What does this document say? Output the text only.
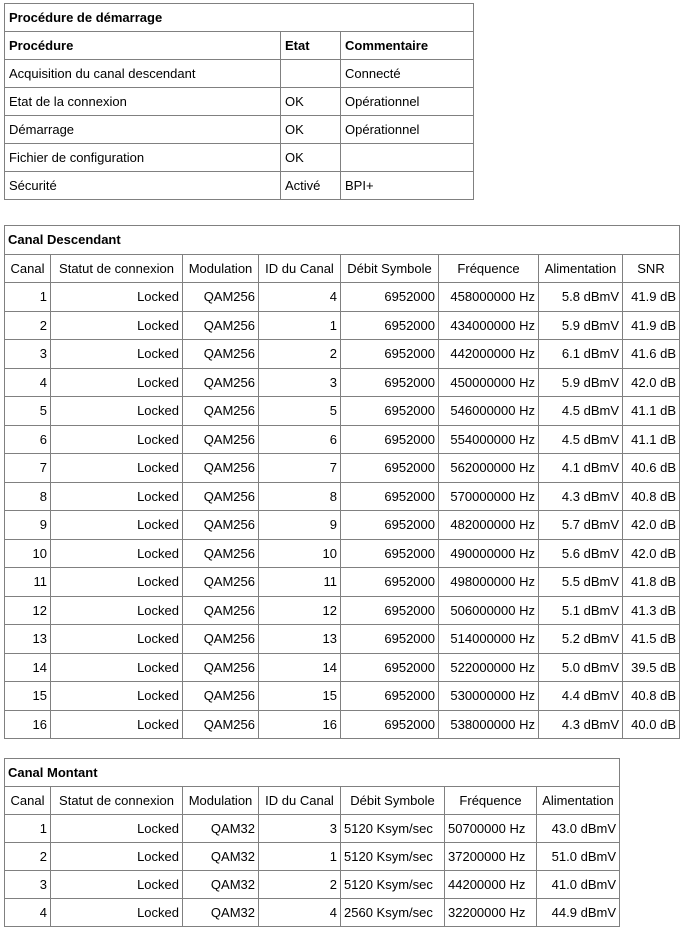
Procédure de démarrage		
Procédure	Etat	Commentaire
Acquisition du canal descendant		Connecté
Etat de la connexion	OK	Opérationnel
Démarrage	OK	Opérationnel
Fichier de configuration	OK	
Sécurité	Activé	BPI+
Canal Descendant							
Canal	Statut de connexion	Modulation	ID du Canal	Débit Symbole	Fréquence	Alimentation	SNR
1	Locked	QAM256	4	6952000	458000000 Hz	5.8 dBmV	41.9 dB
2	Locked	QAM256	1	6952000	434000000 Hz	5.9 dBmV	41.9 dB
3	Locked	QAM256	2	6952000	442000000 Hz	6.1 dBmV	41.6 dB
4	Locked	QAM256	3	6952000	450000000 Hz	5.9 dBmV	42.0 dB
5	Locked	QAM256	5	6952000	546000000 Hz	4.5 dBmV	41.1 dB
6	Locked	QAM256	6	6952000	554000000 Hz	4.5 dBmV	41.1 dB
7	Locked	QAM256	7	6952000	562000000 Hz	4.1 dBmV	40.6 dB
8	Locked	QAM256	8	6952000	570000000 Hz	4.3 dBmV	40.8 dB
9	Locked	QAM256	9	6952000	482000000 Hz	5.7 dBmV	42.0 dB
10	Locked	QAM256	10	6952000	490000000 Hz	5.6 dBmV	42.0 dB
11	Locked	QAM256	11	6952000	498000000 Hz	5.5 dBmV	41.8 dB
12	Locked	QAM256	12	6952000	506000000 Hz	5.1 dBmV	41.3 dB
13	Locked	QAM256	13	6952000	514000000 Hz	5.2 dBmV	41.5 dB
14	Locked	QAM256	14	6952000	522000000 Hz	5.0 dBmV	39.5 dB
15	Locked	QAM256	15	6952000	530000000 Hz	4.4 dBmV	40.8 dB
16	Locked	QAM256	16	6952000	538000000 Hz	4.3 dBmV	40.0 dB
Canal Montant						
Canal	Statut de connexion	Modulation	ID du Canal	Débit Symbole	Fréquence	Alimentation
1	Locked	QAM32	3	5120 Ksym/sec	50700000 Hz	43.0 dBmV
2	Locked	QAM32	1	5120 Ksym/sec	37200000 Hz	51.0 dBmV
3	Locked	QAM32	2	5120 Ksym/sec	44200000 Hz	41.0 dBmV
4	Locked	QAM32	4	2560 Ksym/sec	32200000 Hz	44.9 dBmV
